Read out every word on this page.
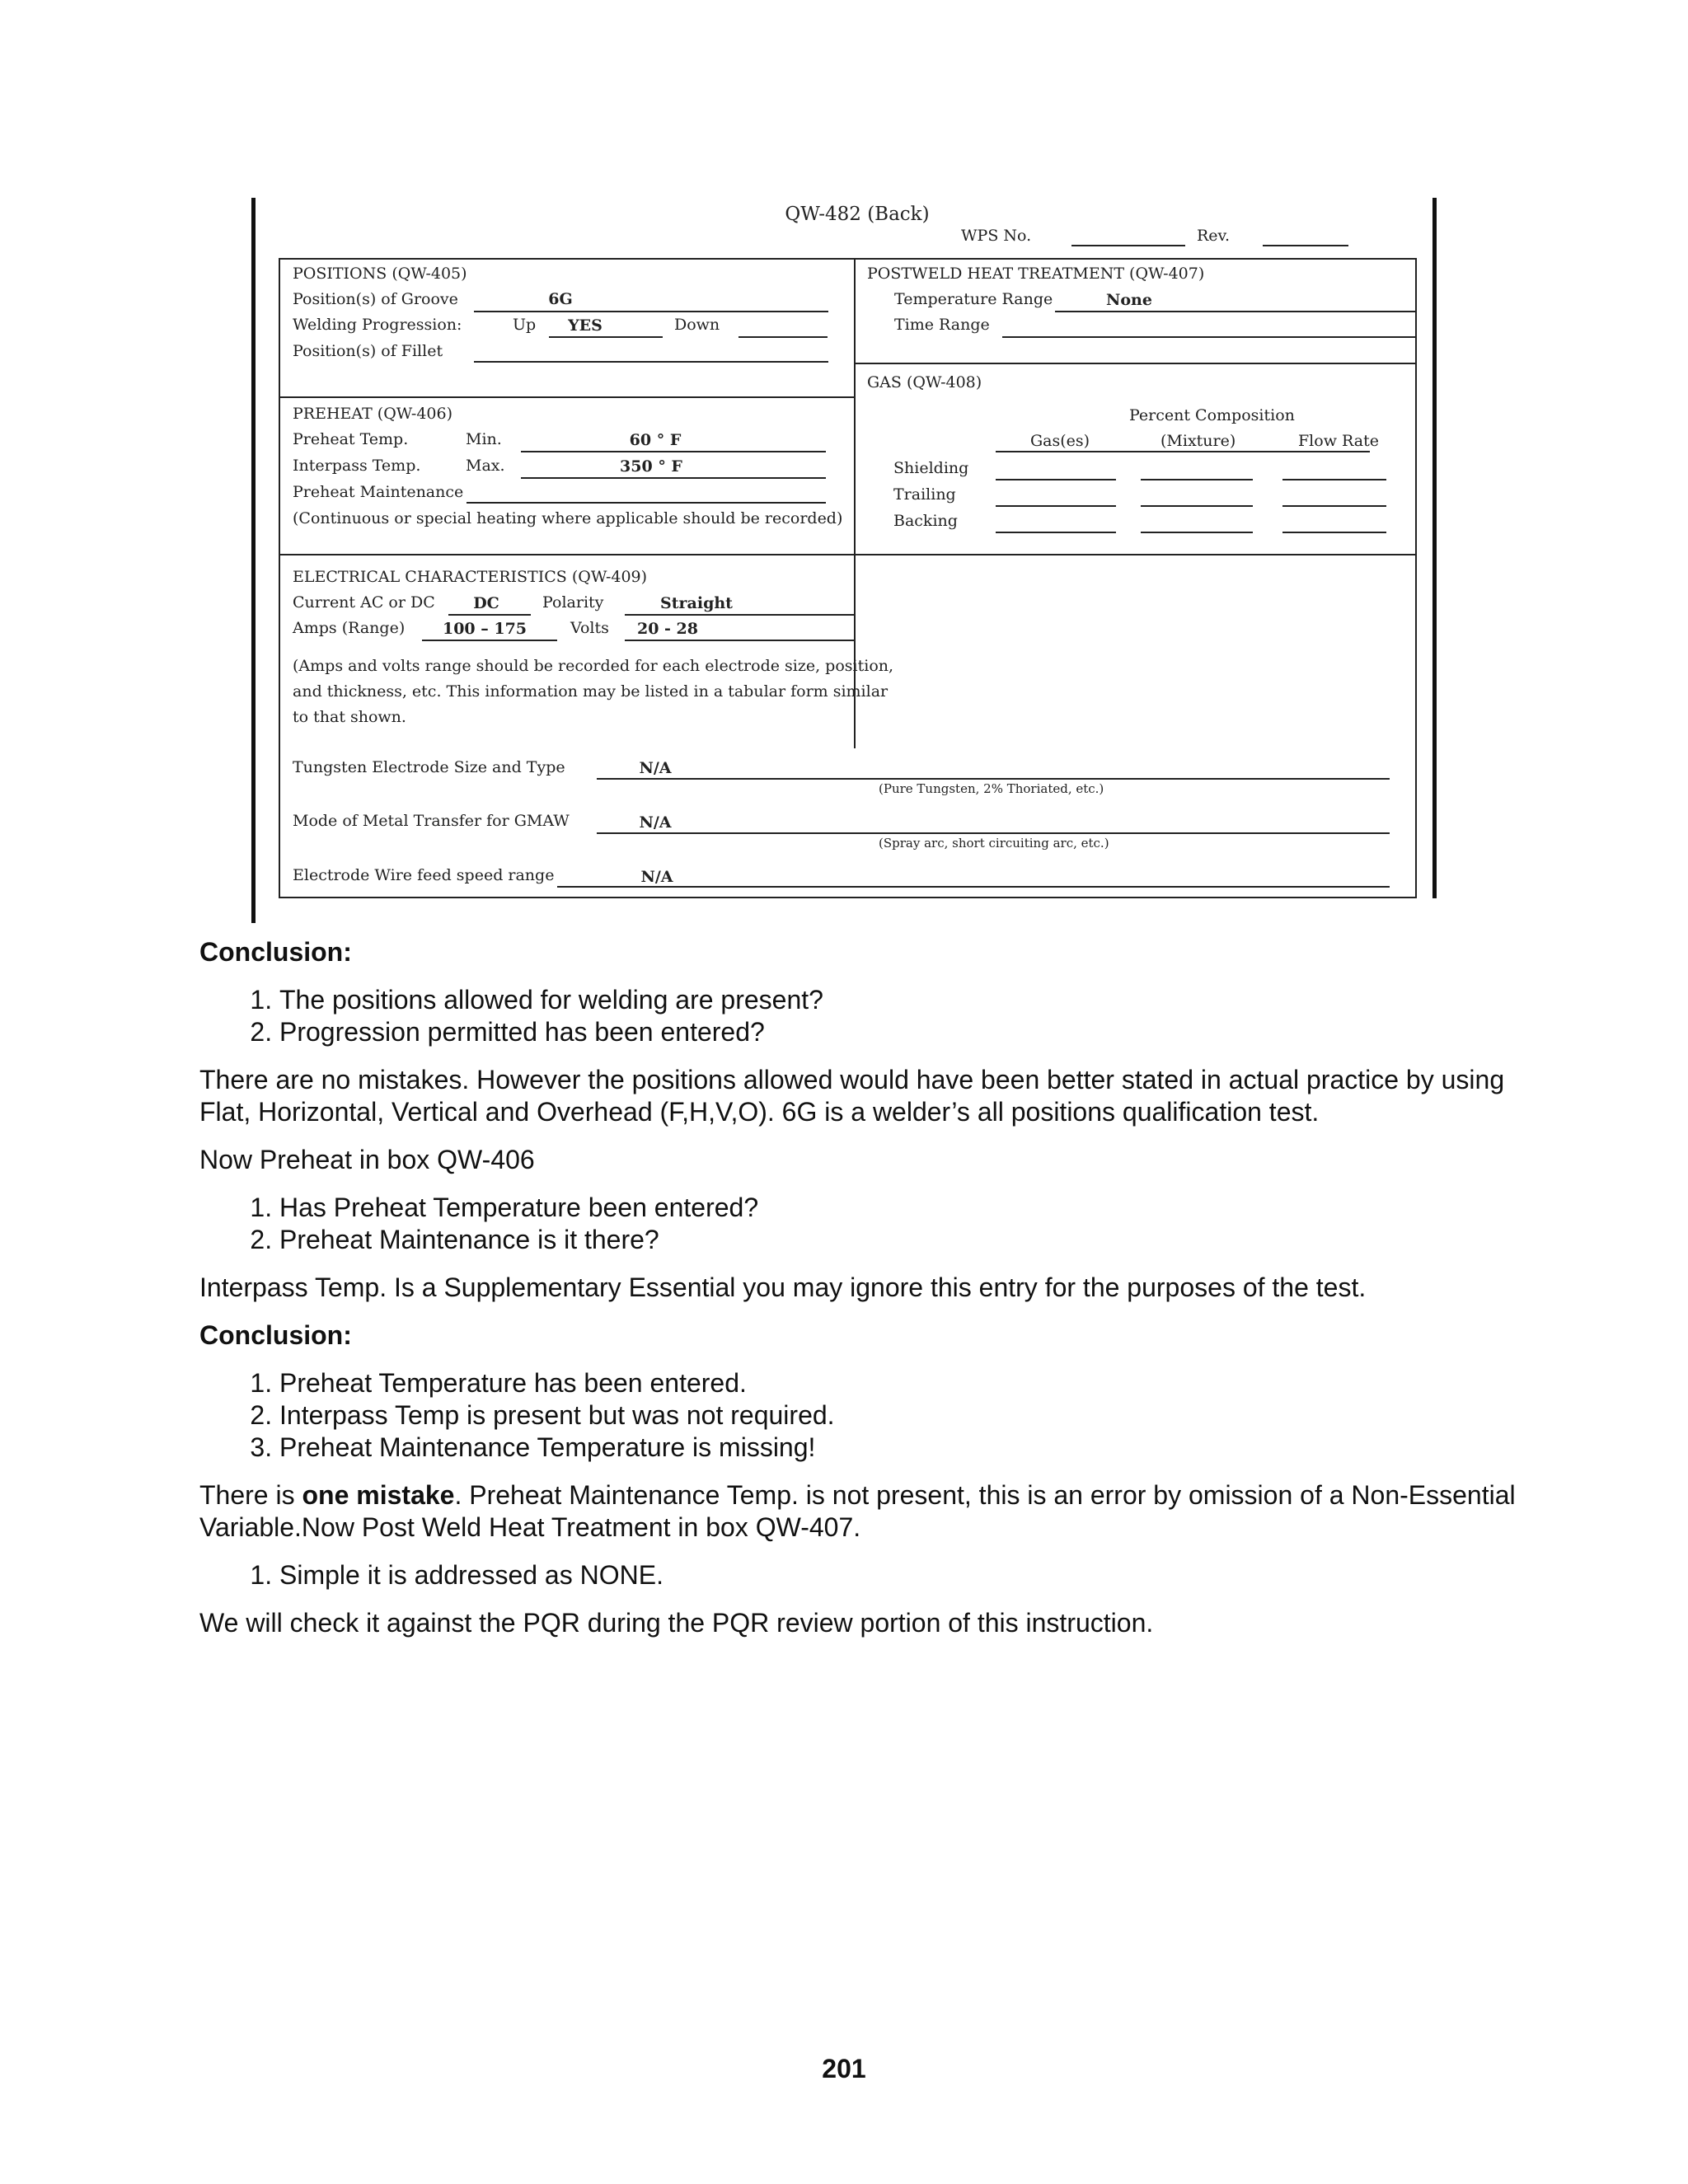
QW-482 (Back)
WPS No.	Rev.
POSITIONS (QW-405)
Position(s) of Groove	6G
Welding Progression:	Up	YES	Down
Position(s) of Fillet
POSTWELD HEAT TREATMENT (QW-407)
Temperature Range	None
Time Range
PREHEAT (QW-406)
Preheat Temp.	Min.	60 ° F
Interpass Temp.	Max.	350 ° F
Preheat Maintenance
(Continuous or special heating where applicable should be recorded)
GAS (QW-408)
Percent Composition
Gas(es)	(Mixture)	Flow Rate
Shielding
Trailing
Backing
ELECTRICAL CHARACTERISTICS (QW-409)
Current AC or DC	DC	Polarity	Straight
Amps (Range)	100 – 175	Volts	20 - 28
(Amps and volts range should be recorded for each electrode size, position,
and thickness, etc. This information may be listed in a tabular form similar
to that shown.
Tungsten Electrode Size and Type	N/A
(Pure Tungsten, 2% Thoriated, etc.)
Mode of Metal Transfer for GMAW	N/A
(Spray arc, short circuiting arc, etc.)
Electrode Wire feed speed range	N/A
Conclusion:
1. The positions allowed for welding are present?
2. Progression permitted has been entered?

There are no mistakes. However the positions allowed would have been better stated in actual practice by using Flat, Horizontal, Vertical and Overhead (F,H,V,O). 6G is a welder’s all positions qualification test.

Now Preheat in box QW-406

1. Has Preheat Temperature been entered?
2. Preheat Maintenance is it there?

Interpass Temp. Is a Supplementary Essential you may ignore this entry for the purposes of the test.

Conclusion:
1. Preheat Temperature has been entered.
2. Interpass Temp is present but was not required.
3. Preheat Maintenance Temperature is missing!

There is one mistake. Preheat Maintenance Temp. is not present, this is an error by omission of a Non-Essential Variable.Now Post Weld Heat Treatment in box QW-407.

1. Simple it is addressed as NONE.

We will check it against the PQR during the PQR review portion of this instruction.

201
